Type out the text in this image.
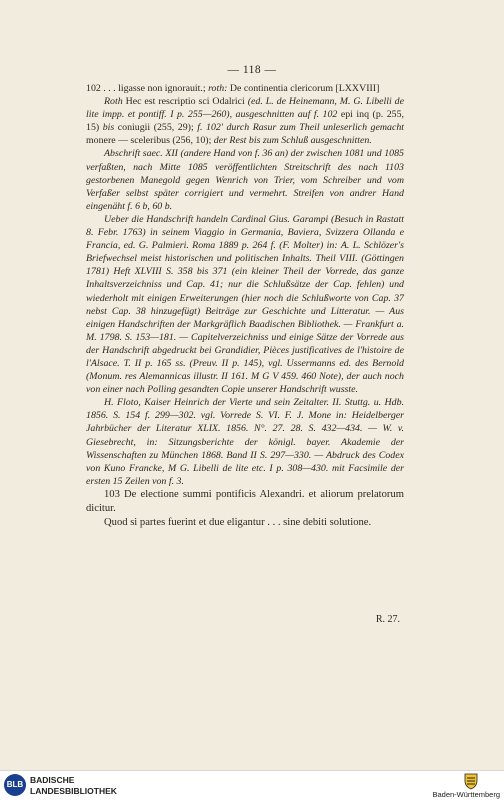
— 118 —

102 . . . ligasse non ignorauit.; roth: De continentia clericorum [LXXVIII]

Roth Hec est rescriptio sci Odalrici (ed. L. de Heinemann, M. G. Libelli de lite impp. et pontiff. I p. 255—260), ausgeschnitten auf f. 102 epi inq (p. 255, 15) bis coniugii (255, 29); f. 102' durch Rasur zum Theil unleserlich gemacht monere — sceleribus (256, 10); der Rest bis zum Schluß ausgeschnitten.

Abschrift saec. XII (andere Hand von f. 36 an) der zwischen 1081 und 1085 verfaßten, nach Mitte 1085 veröffentlichten Streitschrift des nach 1103 gestorbenen Manegold gegen Wenrich von Trier, vom Schreiber und vom Verfaßer selbst später corrigiert und vermehrt. Streifen von andrer Hand eingenäht f. 6 b, 60 b.

Ueber die Handschrift handeln Cardinal Gius. Garampi (Besuch in Rastatt 8. Febr. 1763) in seinem Viaggio in Germania, Baviera, Svizzera Ollanda e Francia, ed. G. Palmieri. Roma 1889 p. 264 f. (F. Molter) in: A. L. Schlözer's Briefwechsel meist historischen und politischen Inhalts. Theil VIII. (Göttingen 1781) Heft XLVIII S. 358 bis 371 (ein kleiner Theil der Vorrede, das ganze Inhaltsverzeichniss und Cap. 41; nur die Schlußsätze der Cap. fehlen) und wiederholt mit einigen Erweiterungen (hier noch die Schlußworte von Cap. 37 nebst Cap. 38 hinzugefügt) Beiträge zur Geschichte und Litteratur. — Aus einigen Handschriften der Markgräflich Baadischen Bibliothek. — Frankfurt a. M. 1798. S. 153—181. — Capitelverzeichniss und einige Sätze der Vorrede aus der Handschrift abgedruckt bei Grandidier, Pièces justificatives de l'histoire de l'Alsace. T. II p. 165 ss. (Preuv. II p. 145), vgl. Ussermanns ed. des Bernold (Monum. res Alemannicas illustr. II 161. M G V 459. 460 Note), der auch noch von einer nach Polling gesandten Copie unserer Handschrift wusste.

H. Floto, Kaiser Heinrich der Vierte und sein Zeitalter. II. Stuttg. u. Hdb. 1856. S. 154 f. 299—302. vgl. Vorrede S. VI. F. J. Mone in: Heidelberger Jahrbücher der Literatur XLIX. 1856. N°. 27. 28. S. 432—434. — W. v. Giesebrecht, in: Sitzungsberichte der königl. bayer. Akademie der Wissenschaften zu München 1868. Band II S. 297—330. — Abdruck des Codex von Kuno Francke, M G. Libelli de lite etc. I p. 308—430. mit Facsimile der ersten 15 Zeilen von f. 3.

103 De electione summi pontificis Alexandri. et aliorum prelatorum dicitur.

Quod si partes fuerint et due eligantur . . . sine debiti solutione.

R. 27.
BLB BADISCHE
LANDESBIBLIOTHEK	Baden-Württemberg
